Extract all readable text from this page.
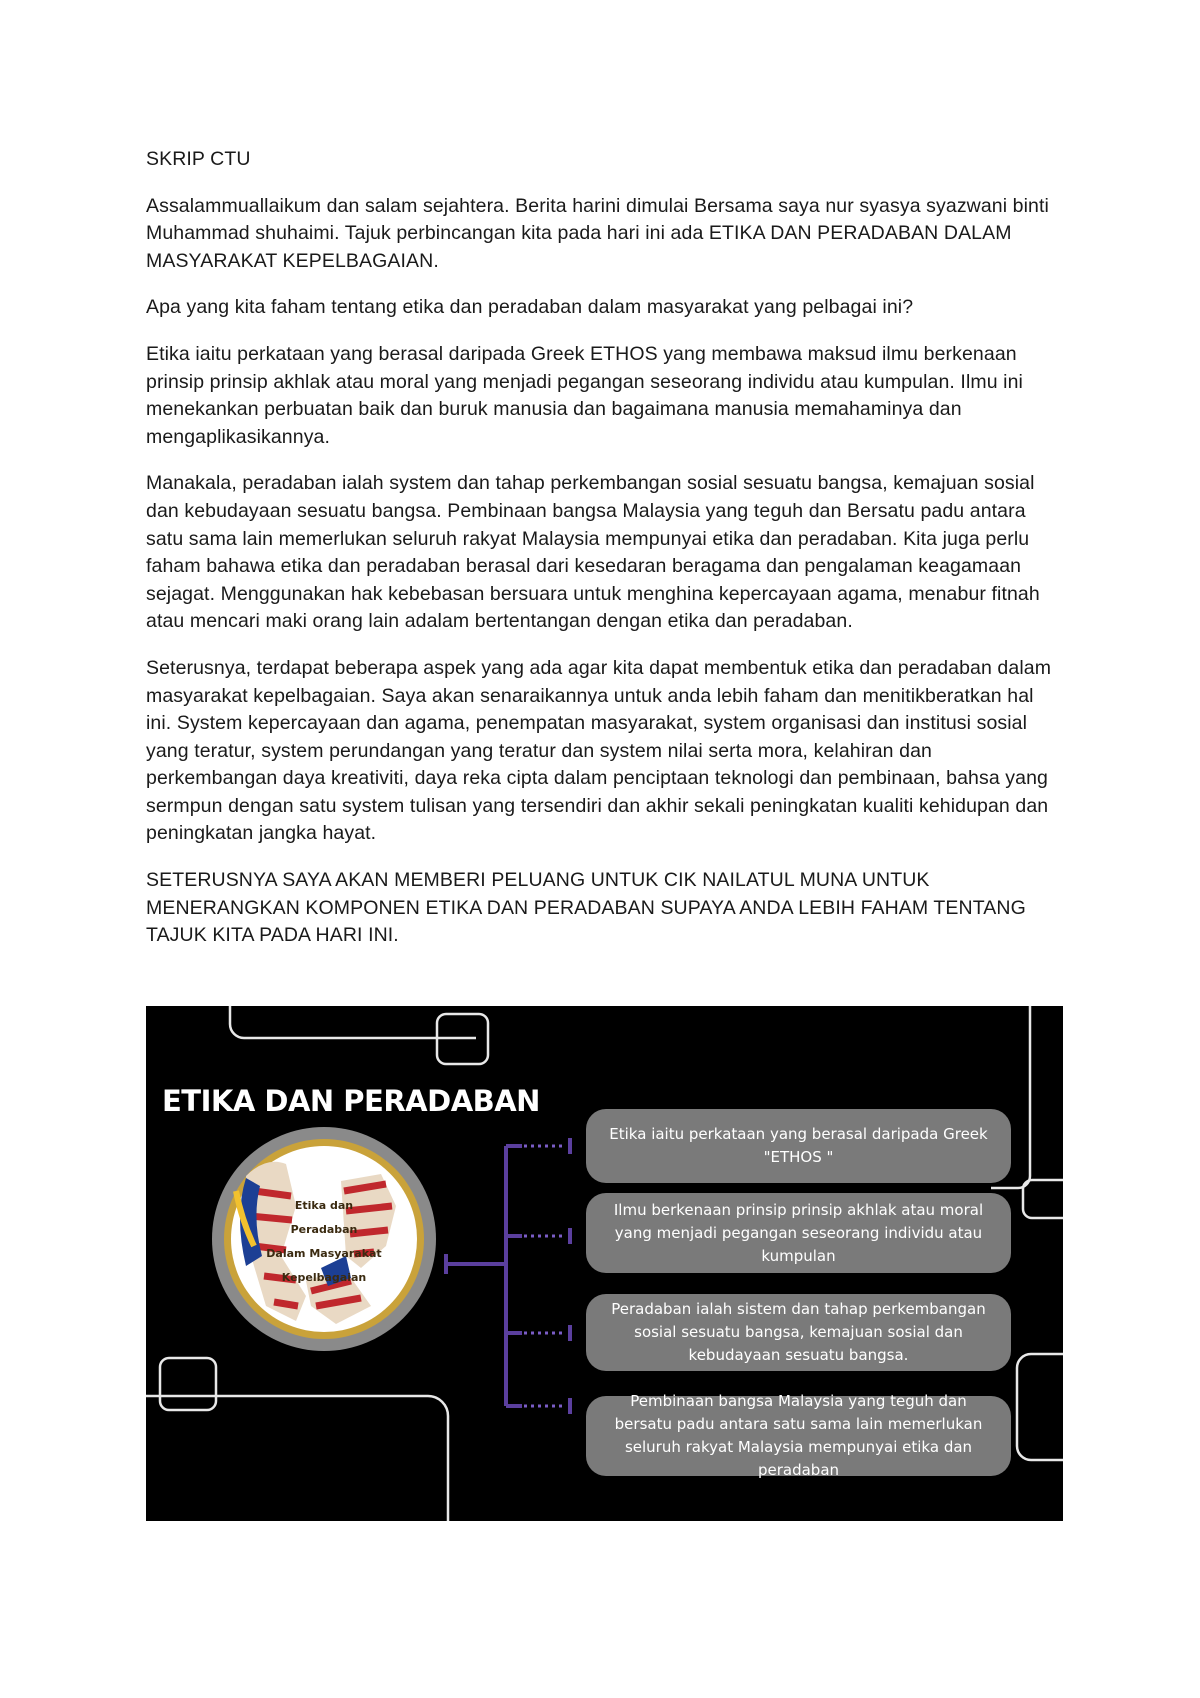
SKRIP CTU

Assalammuallaikum dan salam sejahtera. Berita harini dimulai Bersama saya nur syasya syazwani binti Muhammad shuhaimi. Tajuk perbincangan kita pada hari ini ada ETIKA DAN PERADABAN DALAM MASYARAKAT KEPELBAGAIAN.

Apa yang kita faham tentang etika dan peradaban dalam masyarakat yang pelbagai ini?

Etika iaitu perkataan yang berasal daripada Greek ETHOS yang membawa maksud ilmu berkenaan prinsip prinsip akhlak atau moral yang menjadi pegangan seseorang individu atau kumpulan. Ilmu ini menekankan perbuatan baik dan buruk manusia dan bagaimana manusia memahaminya dan mengaplikasikannya.

Manakala, peradaban ialah system dan tahap perkembangan sosial sesuatu bangsa, kemajuan sosial dan kebudayaan sesuatu bangsa. Pembinaan bangsa Malaysia yang teguh dan Bersatu padu antara satu sama lain memerlukan seluruh rakyat Malaysia mempunyai etika dan peradaban. Kita juga perlu faham bahawa etika dan peradaban berasal dari kesedaran beragama dan pengalaman keagamaan sejagat. Menggunakan hak kebebasan bersuara untuk menghina kepercayaan agama, menabur fitnah atau mencari maki orang lain adalam bertentangan dengan etika dan peradaban.

Seterusnya, terdapat beberapa aspek yang ada agar kita dapat membentuk etika dan peradaban dalam masyarakat kepelbagaian. Saya akan senaraikannya untuk anda lebih faham dan menitikberatkan hal ini. System kepercayaan dan agama, penempatan masyarakat, system organisasi dan institusi sosial yang teratur, system perundangan yang teratur dan system nilai serta mora, kelahiran dan perkembangan daya kreativiti, daya reka cipta dalam penciptaan teknologi dan pembinaan, bahsa yang sermpun dengan satu system tulisan yang tersendiri dan akhir sekali peningkatan kualiti kehidupan dan peningkatan jangka hayat.

SETERUSNYA SAYA AKAN MEMBERI PELUANG UNTUK CIK NAILATUL MUNA UNTUK MENERANGKAN KOMPONEN ETIKA DAN PERADABAN SUPAYA ANDA LEBIH FAHAM TENTANG TAJUK KITA PADA HARI INI.

ETIKA DAN PERADABAN
Etika dan Peradaban
Dalam Masyarakat
Kepelbagaian
Etika iaitu perkataan yang berasal daripada Greek "ETHOS "
Ilmu berkenaan prinsip prinsip akhlak atau moral yang menjadi pegangan seseorang individu atau kumpulan
Peradaban ialah sistem dan tahap perkembangan sosial sesuatu bangsa, kemajuan sosial dan kebudayaan sesuatu bangsa.
Pembinaan bangsa Malaysia yang teguh dan bersatu padu antara satu sama lain memerlukan seluruh rakyat Malaysia mempunyai etika dan peradaban
